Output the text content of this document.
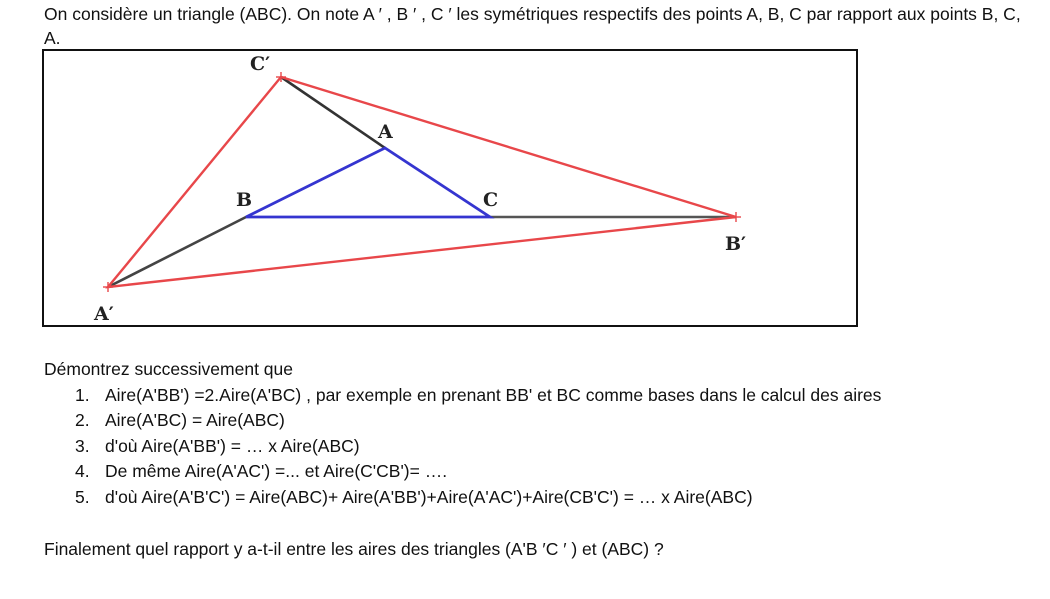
On considère un triangle (ABC). On note A ′ , B ′ , C ′ les symétriques respectifs des points A, B, C par rapport aux points B, C, A.

A
B	C
C′
B′
A′

Démontrez successivement que

1. Aire(A'BB') =2.Aire(A'BC) , par exemple en prenant BB' et BC comme bases dans le calcul des aires
2. Aire(A'BC) = Aire(ABC)
3. d'où Aire(A'BB') = … x Aire(ABC)
4. De même Aire(A'AC') =... et Aire(C'CB')= ….
5. d'où Aire(A'B'C') = Aire(ABC)+ Aire(A'BB')+Aire(A'AC')+Aire(CB'C') = … x Aire(ABC)

Finalement quel rapport y a-t-il entre les aires des triangles (A'B ′C ′ ) et (ABC) ?
